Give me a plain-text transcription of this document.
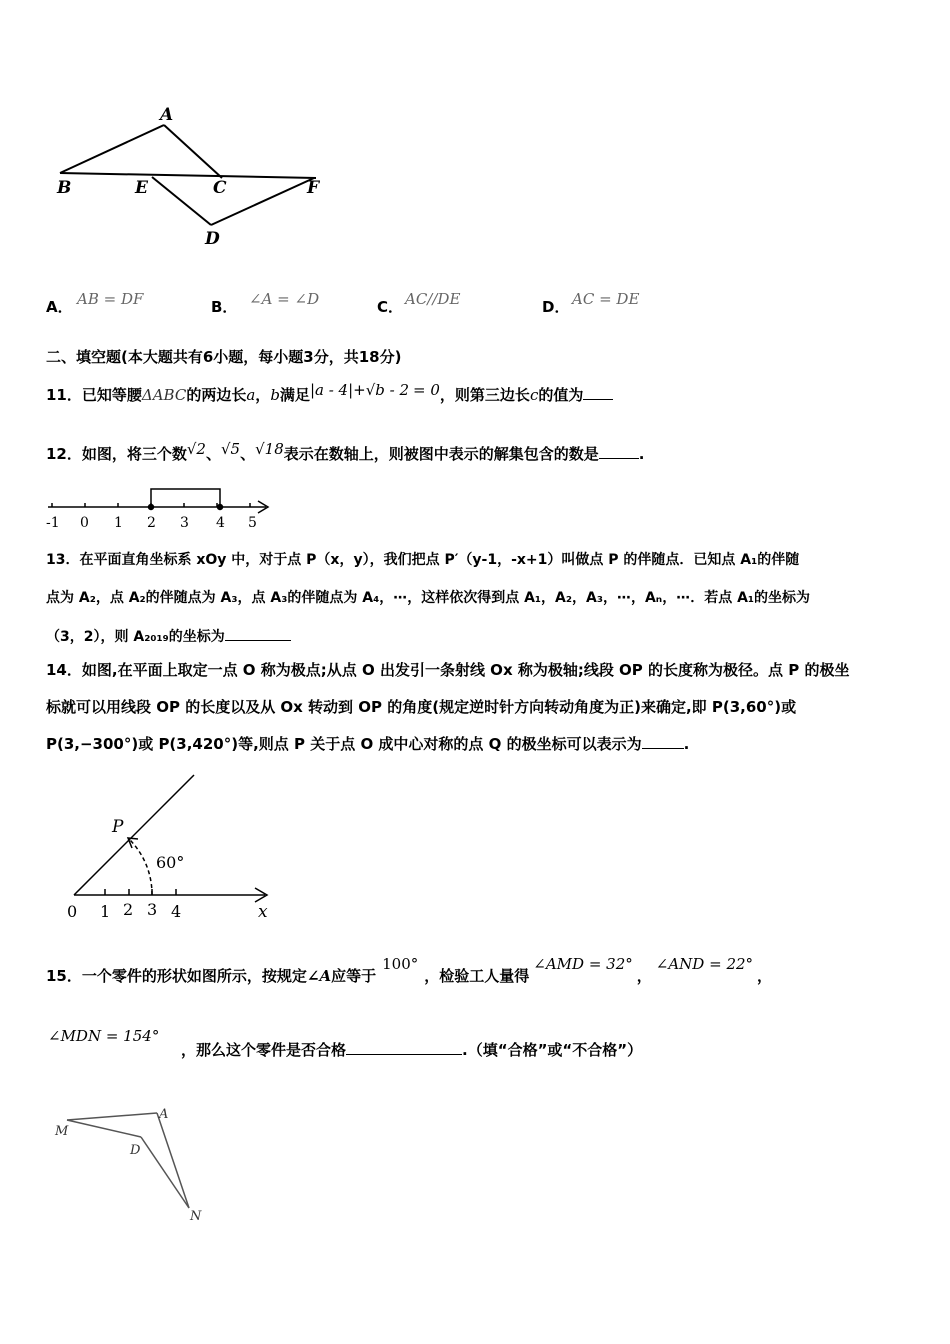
A
B	E	C	F
D
A． AB = DF	B． ∠A = ∠D	C． AC//DE	D． AC = DE
二、填空题(本大题共有6小题，每小题3分，共18分)
11．已知等腰ΔABC的两边长a，b满足|a - 4|+√b - 2 = 0，则第三边长c的值为
12．如图，将三个数√2、√5、√18表示在数轴上，则被图中表示的解集包含的数是	.
-1 0 1 2 3 4 5
13．在平面直角坐标系 xOy 中，对于点 P（x，y），我们把点 P′（y-1，-x+1）叫做点 P 的伴随点．已知点 A₁的伴随
点为 A₂，点 A₂的伴随点为 A₃，点 A₃的伴随点为 A₄，⋯，这样依次得到点 A₁，A₂，A₃，⋯，Aₙ，⋯．若点 A₁的坐标为
（3，2），则 A₂₀₁₉的坐标为
14．如图,在平面上取定一点 O 称为极点;从点 O 出发引一条射线 Ox 称为极轴;线段 OP 的长度称为极径。点 P 的极坐
标就可以用线段 OP 的长度以及从 Ox 转动到 OP 的角度(规定逆时针方向转动角度为正)来确定,即 P(3,60°)或
P(3,−300°)或 P(3,420°)等,则点 P 关于点 O 成中心对称的点 Q 的极坐标可以表示为	.
P
60°
x
0 1 2 3 4
15．一个零件的形状如图所示，按规定∠A应等于100°，检验工人量得∠AMD = 32°，∠AND = 22°，
∠MDN = 154°
，那么这个零件是否合格	.（填“合格”或“不合格”）
M
A
D
N
